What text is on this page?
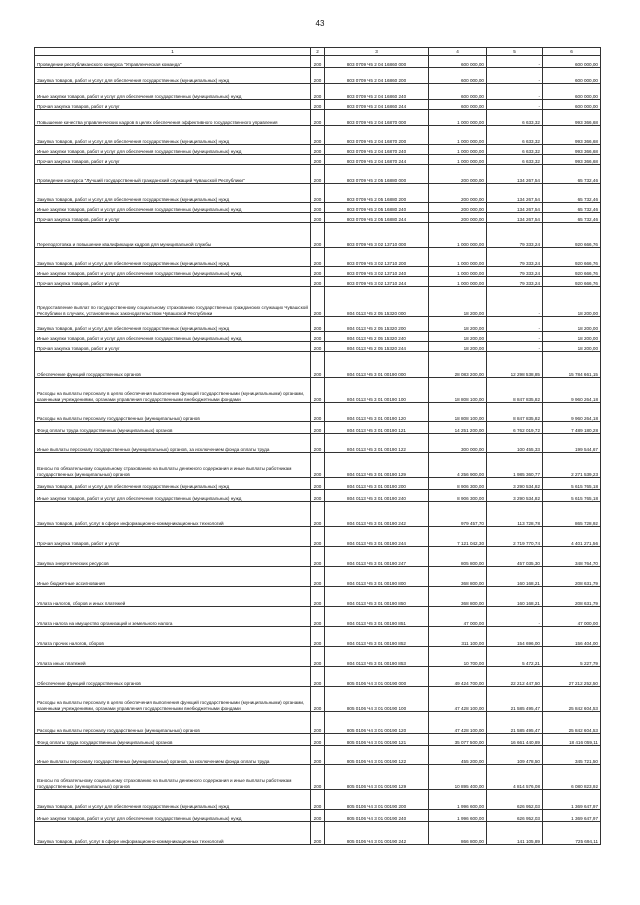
43
1	2	3	4	5	6
Проведение республиканского конкурса "Управленческая команда"	200	803 0709 Ч5 2 04 16860 000	600 000,00	-	600 000,00
Закупка товаров, работ и услуг для обеспечения государственных (муниципальных) нужд	200	803 0709 Ч5 2 04 16860 200	600 000,00	-	600 000,00
Иные закупки товаров, работ и услуг для обеспечения государственных (муниципальных) нужд	200	803 0709 Ч5 2 04 16860 240	600 000,00	-	600 000,00
Прочая закупка товаров, работ и услуг	200	803 0709 Ч5 2 04 16860 244	600 000,00	-	600 000,00
Повышение качества управленческих кадров в целях обеспечения эффективного государственного управления	200	803 0709 Ч5 2 04 16870 000	1 000 000,00	6 633,32	993 366,68
Закупка товаров, работ и услуг для обеспечения государственных (муниципальных) нужд	200	803 0709 Ч5 2 04 16870 200	1 000 000,00	6 633,32	993 366,68
Иные закупки товаров, работ и услуг для обеспечения государственных (муниципальных) нужд	200	803 0709 Ч5 2 04 16870 240	1 000 000,00	6 633,32	993 366,68
Прочая закупка товаров, работ и услуг	200	803 0709 Ч5 2 04 16870 244	1 000 000,00	6 633,32	993 366,68
Проведение конкурса "Лучший государственный гражданский служащий Чувашской Республики"	200	803 0709 Ч5 2 05 16880 000	200 000,00	134 267,54	65 732,46
Закупка товаров, работ и услуг для обеспечения государственных (муниципальных) нужд	200	803 0709 Ч5 2 05 16880 200	200 000,00	134 267,54	65 732,46
Иные закупки товаров, работ и услуг для обеспечения государственных (муниципальных) нужд	200	803 0709 Ч5 2 05 16880 240	200 000,00	134 267,54	65 732,46
Прочая закупка товаров, работ и услуг	200	803 0709 Ч5 2 05 16880 244	200 000,00	134 267,54	65 732,46
Переподготовка и повышение квалификации кадров для муниципальной службы	200	803 0709 Ч5 3 02 13710 000	1 000 000,00	79 333,24	920 666,76
Закупка товаров, работ и услуг для обеспечения государственных (муниципальных) нужд	200	803 0709 Ч5 3 02 13710 200	1 000 000,00	79 333,24	920 666,76
Иные закупки товаров, работ и услуг для обеспечения государственных (муниципальных) нужд	200	803 0709 Ч5 3 02 13710 240	1 000 000,00	79 333,24	920 666,76
Прочая закупка товаров, работ и услуг	200	803 0709 Ч5 3 02 13710 244	1 000 000,00	79 333,24	920 666,76
Предоставление выплат по государственному социальному страхованию государственных гражданских служащих Чувашской Республики в случаях, установленных законодательством Чувашской Республики	200	804 0113 Ч5 2 05 15320 000	18 200,00	-	18 200,00
Закупка товаров, работ и услуг для обеспечения государственных (муниципальных) нужд	200	804 0113 Ч5 2 05 15320 200	18 200,00	-	18 200,00
Иные закупки товаров, работ и услуг для обеспечения государственных (муниципальных) нужд	200	804 0113 Ч5 2 05 15320 240	18 200,00	-	18 200,00
Прочая закупка товаров, работ и услуг	200	804 0113 Ч5 2 05 15320 244	18 200,00	-	18 200,00
Обеспечение функций государственных органов	200	804 0113 Ч5 3 01 00190 000	28 083 200,00	12 298 538,85	15 784 661,15
Расходы на выплаты персоналу в целях обеспечения выполнения функций государственными (муниципальными) органами, казенными учреждениями, органами управления государственными внебюджетными фондами	200	804 0113 Ч5 3 01 00190 100	18 808 100,00	8 847 835,82	9 960 264,18
Расходы на выплаты персоналу государственных (муниципальных) органов	200	804 0113 Ч5 3 01 00190 120	18 808 100,00	8 847 835,82	9 960 264,18
Фонд оплаты труда государственных (муниципальных) органов	200	804 0113 Ч5 3 01 00190 121	14 251 200,00	6 762 019,72	7 489 180,28
Иные выплаты персоналу государственных (муниципальных) органов, за исключением фонда оплаты труда	200	804 0113 Ч5 3 01 00190 122	300 000,00	100 455,33	199 544,67
Взносы по обязательному социальному страхованию на выплаты денежного содержания и иные выплаты работникам государственных (муниципальных) органов	200	804 0113 Ч5 3 01 00190 129	4 256 900,00	1 985 360,77	2 271 539,23
Закупка товаров, работ и услуг для обеспечения государственных (муниципальных) нужд	200	804 0113 Ч5 3 01 00190 200	8 906 300,00	3 290 534,82	5 615 765,18
Иные закупки товаров, работ и услуг для обеспечения государственных (муниципальных) нужд	200	804 0113 Ч5 3 01 00190 240	8 906 300,00	3 290 534,82	5 615 765,18
Закупка товаров, работ, услуг в сфере информационно-коммуникационных технологий	200	804 0113 Ч5 3 01 00190 242	979 457,70	113 728,78	865 728,92
Прочая закупка товаров, работ и услуг	200	804 0113 Ч5 3 01 00190 244	7 121 042,30	2 719 770,74	4 401 271,56
Закупка энергетических ресурсов	200	804 0113 Ч5 3 01 00190 247	805 800,00	457 035,30	348 764,70
Иные бюджетные ассигнования	200	804 0113 Ч5 3 01 00190 800	368 800,00	160 168,21	208 631,79
Уплата налогов, сборов и иных платежей	200	804 0113 Ч5 3 01 00190 850	368 800,00	160 168,21	208 631,79
Уплата налога на имущество организаций и земельного налога	200	804 0113 Ч5 3 01 00190 851	47 000,00	-	47 000,00
Уплата прочих налогов, сборов	200	804 0113 Ч5 3 01 00190 852	311 100,00	154 696,00	156 404,00
Уплата иных платежей	200	804 0113 Ч5 3 01 00190 853	10 700,00	5 472,21	5 227,79
Обеспечение функций государственных органов	200	805 0106 Ч4 3 01 00190 000	49 424 700,00	22 212 447,50	27 212 252,50
Расходы на выплаты персоналу в целях обеспечения выполнения функций государственными (муниципальными) органами, казенными учреждениями, органами управления государственными внебюджетными фондами	200	805 0106 Ч4 3 01 00190 100	47 428 100,00	21 585 495,47	25 842 604,53
Расходы на выплаты персоналу государственных (муниципальных) органов	200	805 0106 Ч4 3 01 00190 120	47 428 100,00	21 585 495,47	25 842 604,53
Фонд оплаты труда государственных (муниципальных) органов	200	805 0106 Ч4 3 01 00190 121	35 077 500,00	16 661 440,89	18 416 059,11
Иные выплаты персоналу государственных (муниципальных) органов, за исключением фонда оплаты труда	200	805 0106 Ч4 3 01 00190 122	455 200,00	109 478,50	345 721,50
Взносы по обязательному социальному страхованию на выплаты денежного содержания и иные выплаты работникам государственных (муниципальных) органов	200	805 0106 Ч4 3 01 00190 129	10 895 400,00	4 814 576,08	6 080 823,92
Закупка товаров, работ и услуг для обеспечения государственных (муниципальных) нужд	200	805 0106 Ч4 3 01 00190 200	1 996 600,00	626 952,03	1 369 647,97
Иные закупки товаров, работ и услуг для обеспечения государственных (муниципальных) нужд	200	805 0106 Ч4 3 01 00190 240	1 996 600,00	626 952,03	1 369 647,97
Закупка товаров, работ, услуг в сфере информационно-коммуникационных технологий	200	805 0106 Ч4 3 01 00190 242	866 800,00	141 105,89	725 694,11
